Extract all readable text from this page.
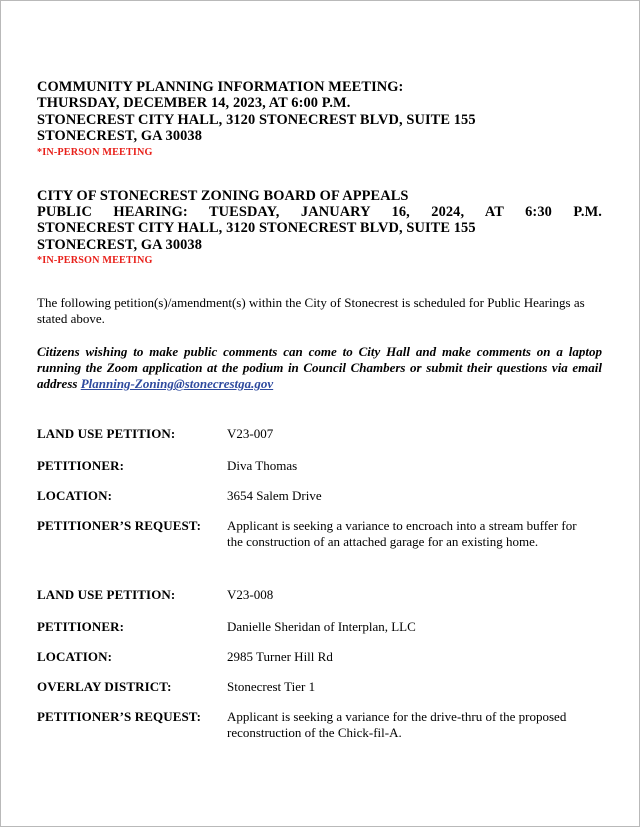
COMMUNITY PLANNING INFORMATION MEETING:
THURSDAY, DECEMBER 14, 2023, AT 6:00 P.M.
STONECREST CITY HALL, 3120 STONECREST BLVD, SUITE 155
STONECREST, GA 30038
*IN-PERSON MEETING
CITY OF STONECREST ZONING BOARD OF APPEALS
PUBLIC HEARING: TUESDAY, JANUARY 16, 2024, AT 6:30 P.M.
STONECREST CITY HALL, 3120 STONECREST BLVD, SUITE 155
STONECREST, GA 30038
*IN-PERSON MEETING
The following petition(s)/amendment(s) within the City of Stonecrest is scheduled for Public Hearings as stated above.
Citizens wishing to make public comments can come to City Hall and make comments on a laptop running the Zoom application at the podium in Council Chambers or submit their questions via email address Planning-Zoning@stonecrestga.gov
LAND USE PETITION:	V23-007
PETITIONER:	Diva Thomas
LOCATION:	3654 Salem Drive
PETITIONER’S REQUEST:	Applicant is seeking a variance to encroach into a stream buffer for
the construction of an attached garage for an existing home.
LAND USE PETITION:	V23-008
PETITIONER:	Danielle Sheridan of Interplan, LLC
LOCATION:	2985 Turner Hill Rd
OVERLAY DISTRICT:	Stonecrest Tier 1
PETITIONER’S REQUEST:	Applicant is seeking a variance for the drive-thru of the proposed
reconstruction of the Chick-fil-A.
